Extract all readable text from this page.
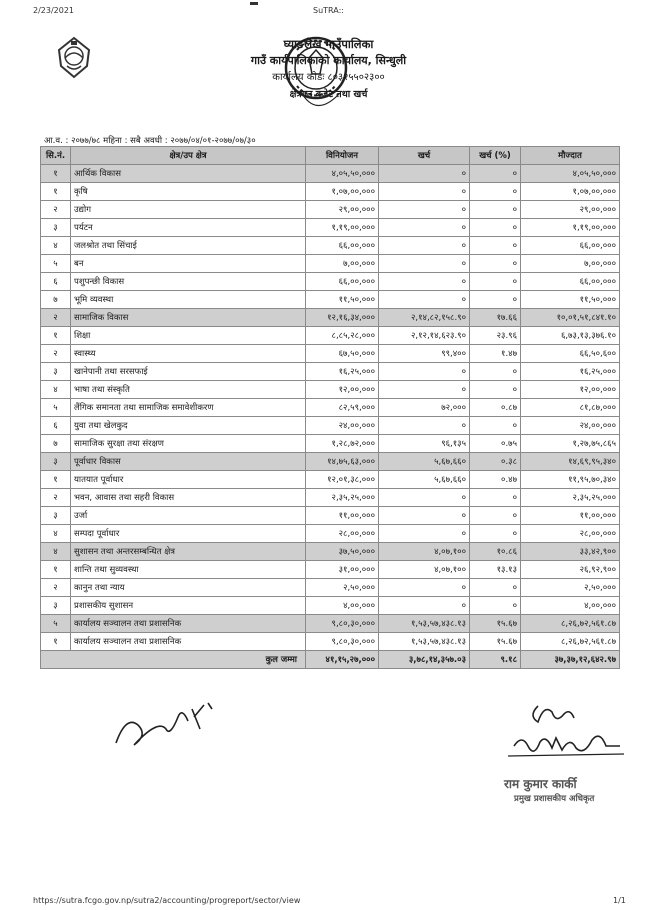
2/23/2021	SuTRA::
घ्याङलेख गाउँपालिका
गाउँ कार्यपालिकाको कार्यालय, सिन्धुली
कार्यालय कोडः ८०३२५५०२३००
क्षेत्रगत बजेट तथा खर्च
आ.व. : २०७७/७८ महिना : सबै अवधी : २०७७/०४/०१-२०७७/०७/३०
सि.नं.	क्षेत्र/उप क्षेत्र	विनियोजन	खर्च	खर्च (%)	मौज्दात
१	आर्थिक विकास	४,०५,५०,०००	०	०	४,०५,५०,०००
१	कृषि	१,०७,००,०००	०	०	१,०७,००,०००
२	उद्योग	२९,००,०००	०	०	२९,००,०००
३	पर्यटन	१,१९,००,०००	०	०	१,१९,००,०००
४	जलश्रोत तथा सिंचाई	६६,००,०००	०	०	६६,००,०००
५	बन	७,००,०००	०	०	७,००,०००
६	पशुपन्छी विकास	६६,००,०००	०	०	६६,००,०००
७	भूमि व्यवस्था	११,५०,०००	०	०	११,५०,०००
२	सामाजिक विकास	१२,१६,३४,०००	२,१४,८२,१५८.९०	१७.६६	१०,०१,५१,८४१.१०
१	शिक्षा	८,८५,२८,०००	२,१२,१४,६२३.९०	२३.९६	६,७३,१३,३७६.१०
२	स्वास्थ्य	६७,५०,०००	९९,४००	१.४७	६६,५०,६००
३	खानेपानी तथा सरसफाई	१६,२५,०००	०	०	१६,२५,०००
४	भाषा तथा संस्कृति	१२,००,०००	०	०	१२,००,०००
५	लैंगिक समानता तथा सामाजिक समावेशीकरण	८२,५९,०००	७२,०००	०.८७	८१,८७,०००
६	युवा तथा खेलकुद	२४,००,०००	०	०	२४,००,०००
७	सामाजिक सुरक्षा तथा संरक्षण	१,२८,७२,०००	९६,१३५	०.७५	१,२७,७५,८६५
३	पूर्वाधार विकास	१४,७५,६३,०००	५,६७,६६०	०.३८	१४,६९,९५,३४०
१	यातयात पूर्वाधार	१२,०१,३८,०००	५,६७,६६०	०.४७	११,९५,७०,३४०
२	भवन, आवास तथा सहरी विकास	२,३५,२५,०००	०	०	२,३५,२५,०००
३	उर्जा	११,००,०००	०	०	११,००,०००
४	सम्पदा पूर्वाधार	२८,००,०००	०	०	२८,००,०००
४	सुशासन तथा अन्तरसम्बन्धित क्षेत्र	३७,५०,०००	४,०७,१००	१०.८६	३३,४२,९००
१	शान्ति तथा सुव्यवस्था	३१,००,०००	४,०७,१००	१३.१३	२६,९२,९००
२	कानुन तथा न्याय	२,५०,०००	०	०	२,५०,०००
३	प्रशासकीय सुशासन	४,००,०००	०	०	४,००,०००
५	कार्यालय सञ्चालन तथा प्रशासनिक	९,८०,३०,०००	१,५३,५७,४३८.१३	१५.६७	८,२६,७२,५६१.८७
१	कार्यालय सञ्चालन तथा प्रशासनिक	९,८०,३०,०००	१,५३,५७,४३८.१३	१५.६७	८,२६,७२,५६१.८७
कुल जम्मा		४१,१५,२७,०००	३,७८,१४,३५७.०३	९.१८	३७,३७,१२,६४२.९७
राम कुमार कार्की
प्रमुख प्रशासकीय अधिकृत
https://sutra.fcgo.gov.np/sutra2/accounting/progreport/sector/view	1/1
